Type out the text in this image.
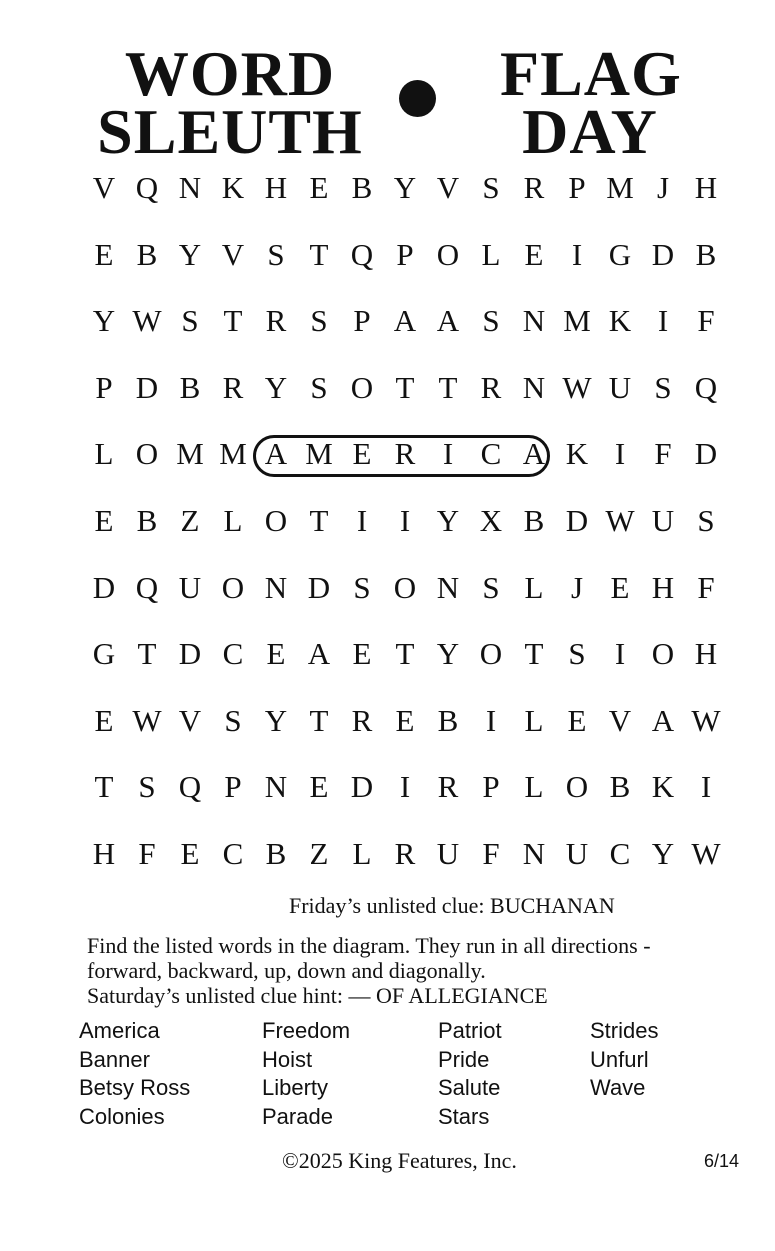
WORD
SLEUTH
FLAG
DAY
V Q N K H E B Y V S R P M J H
E B Y V S T Q P O L E I G D B
Y W S T R S P A A S N M K I F
P D B R Y S O T T R N W U S Q
L O M M A M E R I C A K I F D
E B Z L O T I	I Y X B D W U S
D Q U O N D S O N S L J E H F
G T D C E A E T Y O T S I O H
E W V S Y T R E B I L E V A W
T S Q P N E D I R P L O B K I
H F E C B Z L R U F N U C Y W
Friday’s unlisted clue: BUCHANAN
Find the listed words in the diagram. They run in all directions -
forward, backward, up, down and diagonally.
Saturday’s unlisted clue hint: — OF ALLEGIANCE
America
Banner
Betsy Ross
Colonies
Freedom
Hoist
Liberty
Parade
Patriot
Pride
Salute
Stars
Strides
Unfurl
Wave
©2025 King Features, Inc.	6/14
